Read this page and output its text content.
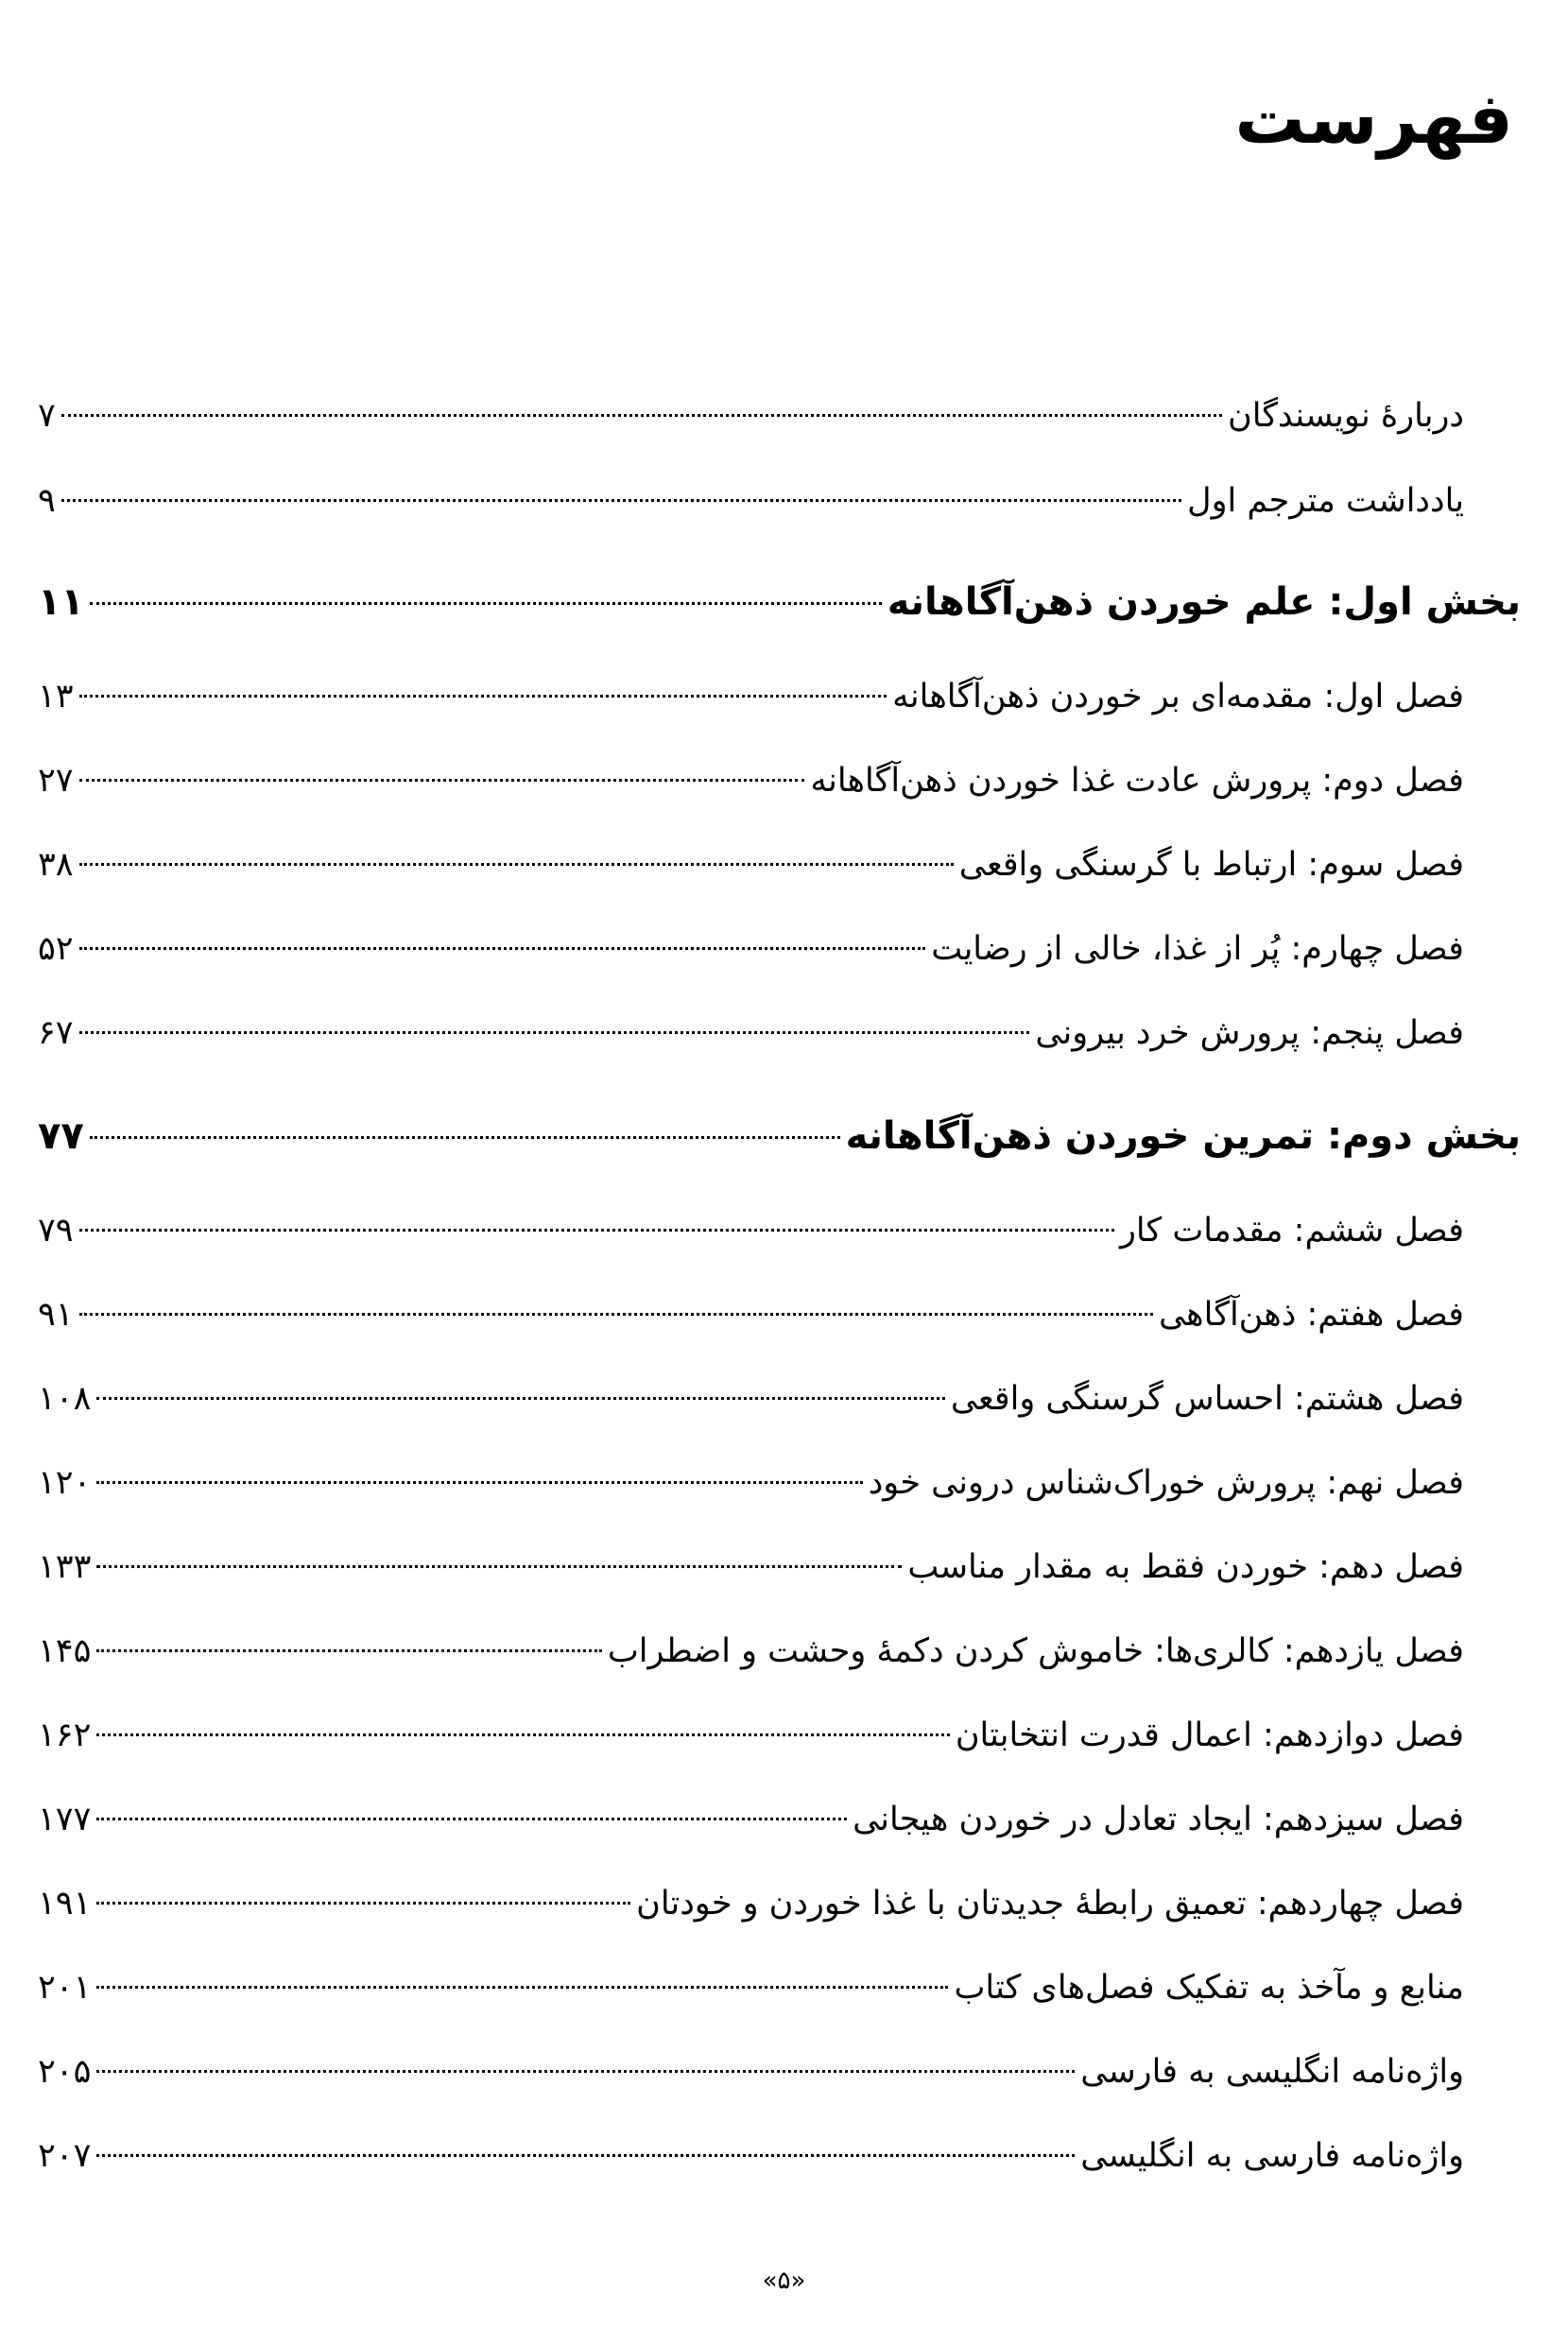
فهرست
دربارۀ نویسندگان
۷
یادداشت مترجم اول
۹
بخش اول: علم خوردن ذهن‌آگاهانه
۱۱
فصل اول: مقدمه‌ای بر خوردن ذهن‌آگاهانه
۱۳
فصل دوم: پرورش عادت غذا خوردن ذهن‌آگاهانه
۲۷
فصل سوم: ارتباط با گرسنگی واقعی
۳۸
فصل چهارم: پُر از غذا، خالی از رضایت
۵۲
فصل پنجم: پرورش خرد بیرونی
۶۷
بخش دوم: تمرین خوردن ذهن‌آگاهانه
۷۷
فصل ششم: مقدمات کار
۷۹
فصل هفتم: ذهن‌آگاهی
۹۱
فصل هشتم: احساس گرسنگی واقعی
۱۰۸
فصل نهم: پرورش خوراک‌شناس درونی خود
۱۲۰
فصل دهم: خوردن فقط به مقدار مناسب
۱۳۳
فصل یازدهم: کالری‌ها: خاموش کردن دکمۀ وحشت و اضطراب
۱۴۵
فصل دوازدهم: اعمال قدرت انتخابتان
۱۶۲
فصل سیزدهم: ایجاد تعادل در خوردن هیجانی
۱۷۷
فصل چهاردهم: تعمیق رابطۀ جدیدتان با غذا خوردن و خودتان
۱۹۱
منابع و مآخذ به تفکیک فصل‌های کتاب
۲۰۱
واژه‌نامه انگلیسی به فارسی
۲۰۵
واژه‌نامه فارسی به انگلیسی
۲۰۷
«۵»
